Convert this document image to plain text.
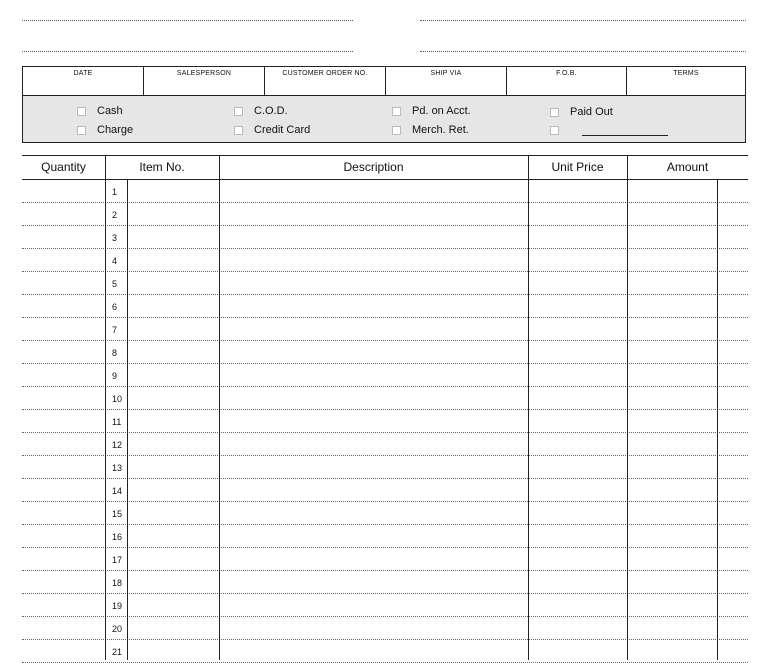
DATE	SALESPERSON	CUSTOMER ORDER NO.	SHIP VIA	F.O.B.	TERMS
Cash
Charge
C.O.D.
Credit Card
Pd. on Acct.
Merch. Ret.
Paid Out
Quantity	Item No.	Description	Unit Price	Amount
1
2
3
4
5
6
7
8
9
10
11
12
13
14
15
16
17
18
19
20
21
